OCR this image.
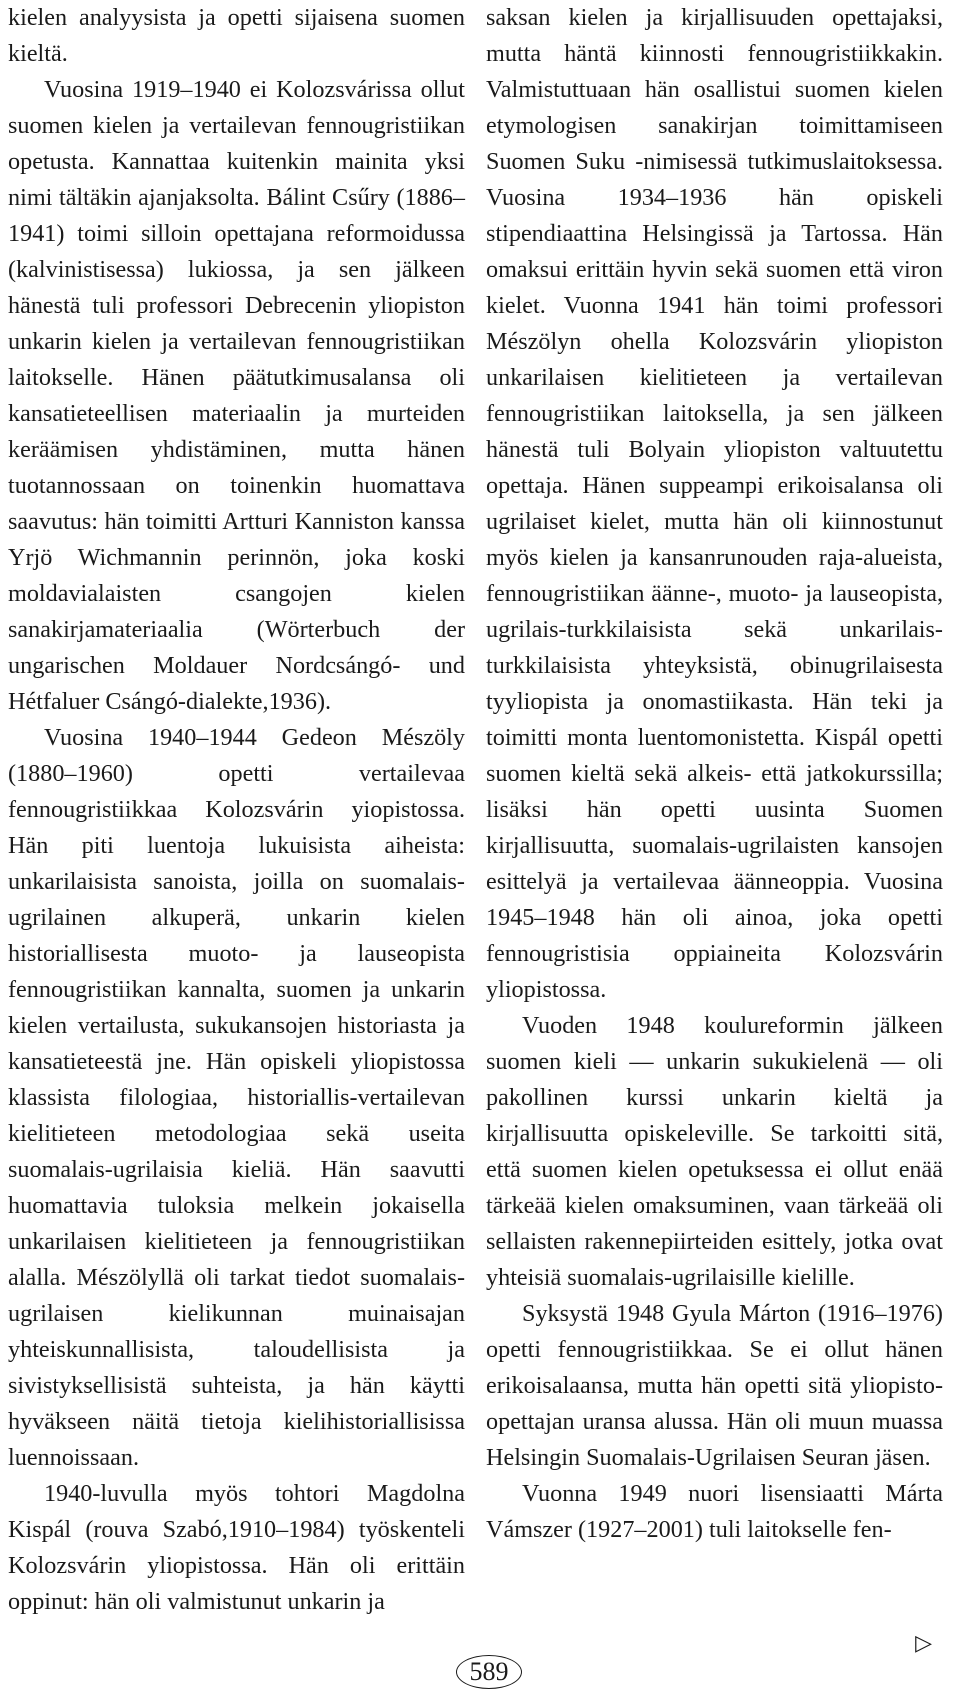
kielen analyysista ja opetti sijaisena suomen kieltä.

Vuosina 1919–1940 ei Kolozsvárissa ollut suomen kielen ja vertailevan fennougristiikan opetusta. Kannattaa kuitenkin mainita yksi nimi tältäkin ajanjaksolta. Bálint Csűry (1886–1941) toimi silloin opettajana reformoidussa (kalvinistisessa) lukiossa, ja sen jälkeen hänestä tuli professori Debrecenin yliopiston unkarin kielen ja vertailevan fennougristiikan laitokselle. Hänen päätutkimusalansa oli kansatieteellisen materiaalin ja murteiden keräämisen yhdistäminen, mutta hänen tuotannossaan on toinenkin huomattava saavutus: hän toimitti Artturi Kanniston kanssa Yrjö Wichmannin perinnön, joka koski moldavialaisten csangojen kielen sanakirjamateriaalia (Wörterbuch der ungarischen Moldauer Nordcsángó- und Hétfaluer Csángó-dialekte,1936).

Vuosina 1940–1944 Gedeon Mészöly (1880–1960) opetti vertailevaa fennougristiikkaa Kolozsvárin yiopistossa. Hän piti luentoja lukuisista aiheista: unkarilaisista sanoista, joilla on suomalais-ugrilainen alkuperä, unkarin kielen historiallisesta muoto- ja lauseopista fennougristiikan kannalta, suomen ja unkarin kielen vertailusta, sukukansojen historiasta ja kansatieteestä jne. Hän opiskeli yliopistossa klassista filologiaa, historiallis-vertailevan kielitieteen metodologiaa sekä useita suomalais-ugrilaisia kieliä. Hän saavutti huomattavia tuloksia melkein jokaisella unkarilaisen kielitieteen ja fennougristiikan alalla. Mészölyllä oli tarkat tiedot suomalais-ugrilaisen kielikunnan muinaisajan yhteiskunnallisista, taloudellisista ja sivistyksellisistä suhteista, ja hän käytti hyväkseen näitä tietoja kielihistoriallisissa luennoissaan.

1940-luvulla myös tohtori Magdolna Kispál (rouva Szabó,1910–1984) työskenteli Kolozsvárin yliopistossa. Hän oli erittäin oppinut: hän oli valmistunut unkarin ja

saksan kielen ja kirjallisuuden opettajaksi, mutta häntä kiinnosti fennougristiikkakin. Valmistuttuaan hän osallistui suomen kielen etymologisen sanakirjan toimittamiseen Suomen Suku -nimisessä tutkimuslaitoksessa. Vuosina 1934–1936 hän opiskeli stipendiaattina Helsingissä ja Tartossa. Hän omaksui erittäin hyvin sekä suomen että viron kielet. Vuonna 1941 hän toimi professori Mészölyn ohella Kolozsvárin yliopiston unkarilaisen kielitieteen ja vertailevan fennougristiikan laitoksella, ja sen jälkeen hänestä tuli Bolyain yliopiston valtuutettu opettaja. Hänen suppeampi erikoisalansa oli ugrilaiset kielet, mutta hän oli kiinnostunut myös kielen ja kansanrunouden raja-alueista, fennougristiikan äänne-, muoto- ja lauseopista, ugrilais-turkkilaisista sekä unkarilais-turkkilaisista yhteyksistä, obinugrilaisesta tyyliopista ja onomastiikasta. Hän teki ja toimitti monta luentomonistetta. Kispál opetti suomen kieltä sekä alkeis- että jatkokurssilla; lisäksi hän opetti uusinta Suomen kirjallisuutta, suomalais-ugrilaisten kansojen esittelyä ja vertailevaa äänneoppia. Vuosina 1945–1948 hän oli ainoa, joka opetti fennougristisia oppiaineita Kolozsvárin yliopistossa.

Vuoden 1948 koulureformin jälkeen suomen kieli — unkarin sukukielenä — oli pakollinen kurssi unkarin kieltä ja kirjallisuutta opiskeleville. Se tarkoitti sitä, että suomen kielen opetuksessa ei ollut enää tärkeää kielen omaksuminen, vaan tärkeää oli sellaisten rakennepiirteiden esittely, jotka ovat yhteisiä suomalais-ugrilaisille kielille.

Syksystä 1948 Gyula Márton (1916–1976) opetti fennougristiikkaa. Se ei ollut hänen erikoisalaansa, mutta hän opetti sitä yliopisto-opettajan uransa alussa. Hän oli muun muassa Helsingin Suomalais-Ugrilaisen Seuran jäsen.

Vuonna 1949 nuori lisensiaatti Márta Vámszer (1927–2001) tuli laitokselle fen-

▷
589
